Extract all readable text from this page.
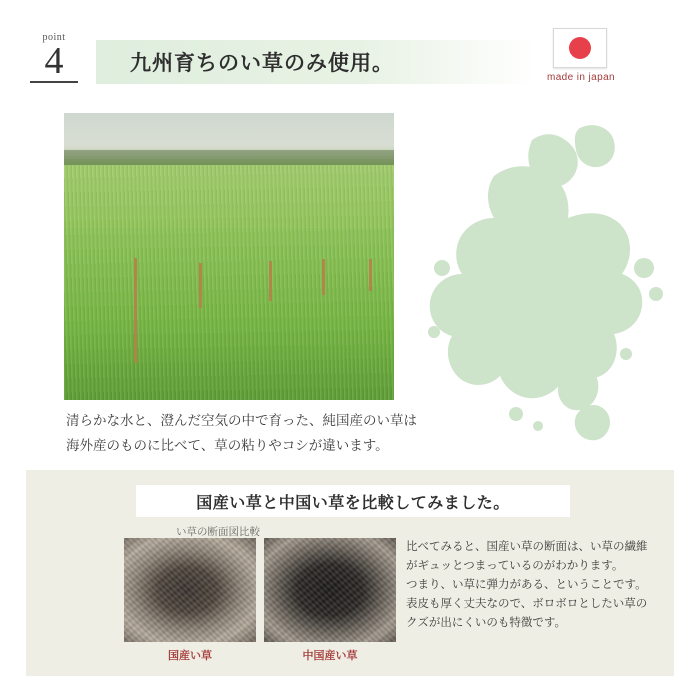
point
4	九州育ちのい草のみ使用。
made in japan
清らかな水と、澄んだ空気の中で育った、純国産のい草は
海外産のものに比べて、草の粘りやコシが違います。
国産い草と中国い草を比較してみました。
い草の断面図比較
国産い草	中国産い草

比べてみると、国産い草の断面は、い草の繊維

がギュッとつまっているのがわかります。

つまり、い草に弾力がある、ということです。

表皮も厚く丈夫なので、ボロボロとしたい草の

クズが出にくいのも特徴です。
